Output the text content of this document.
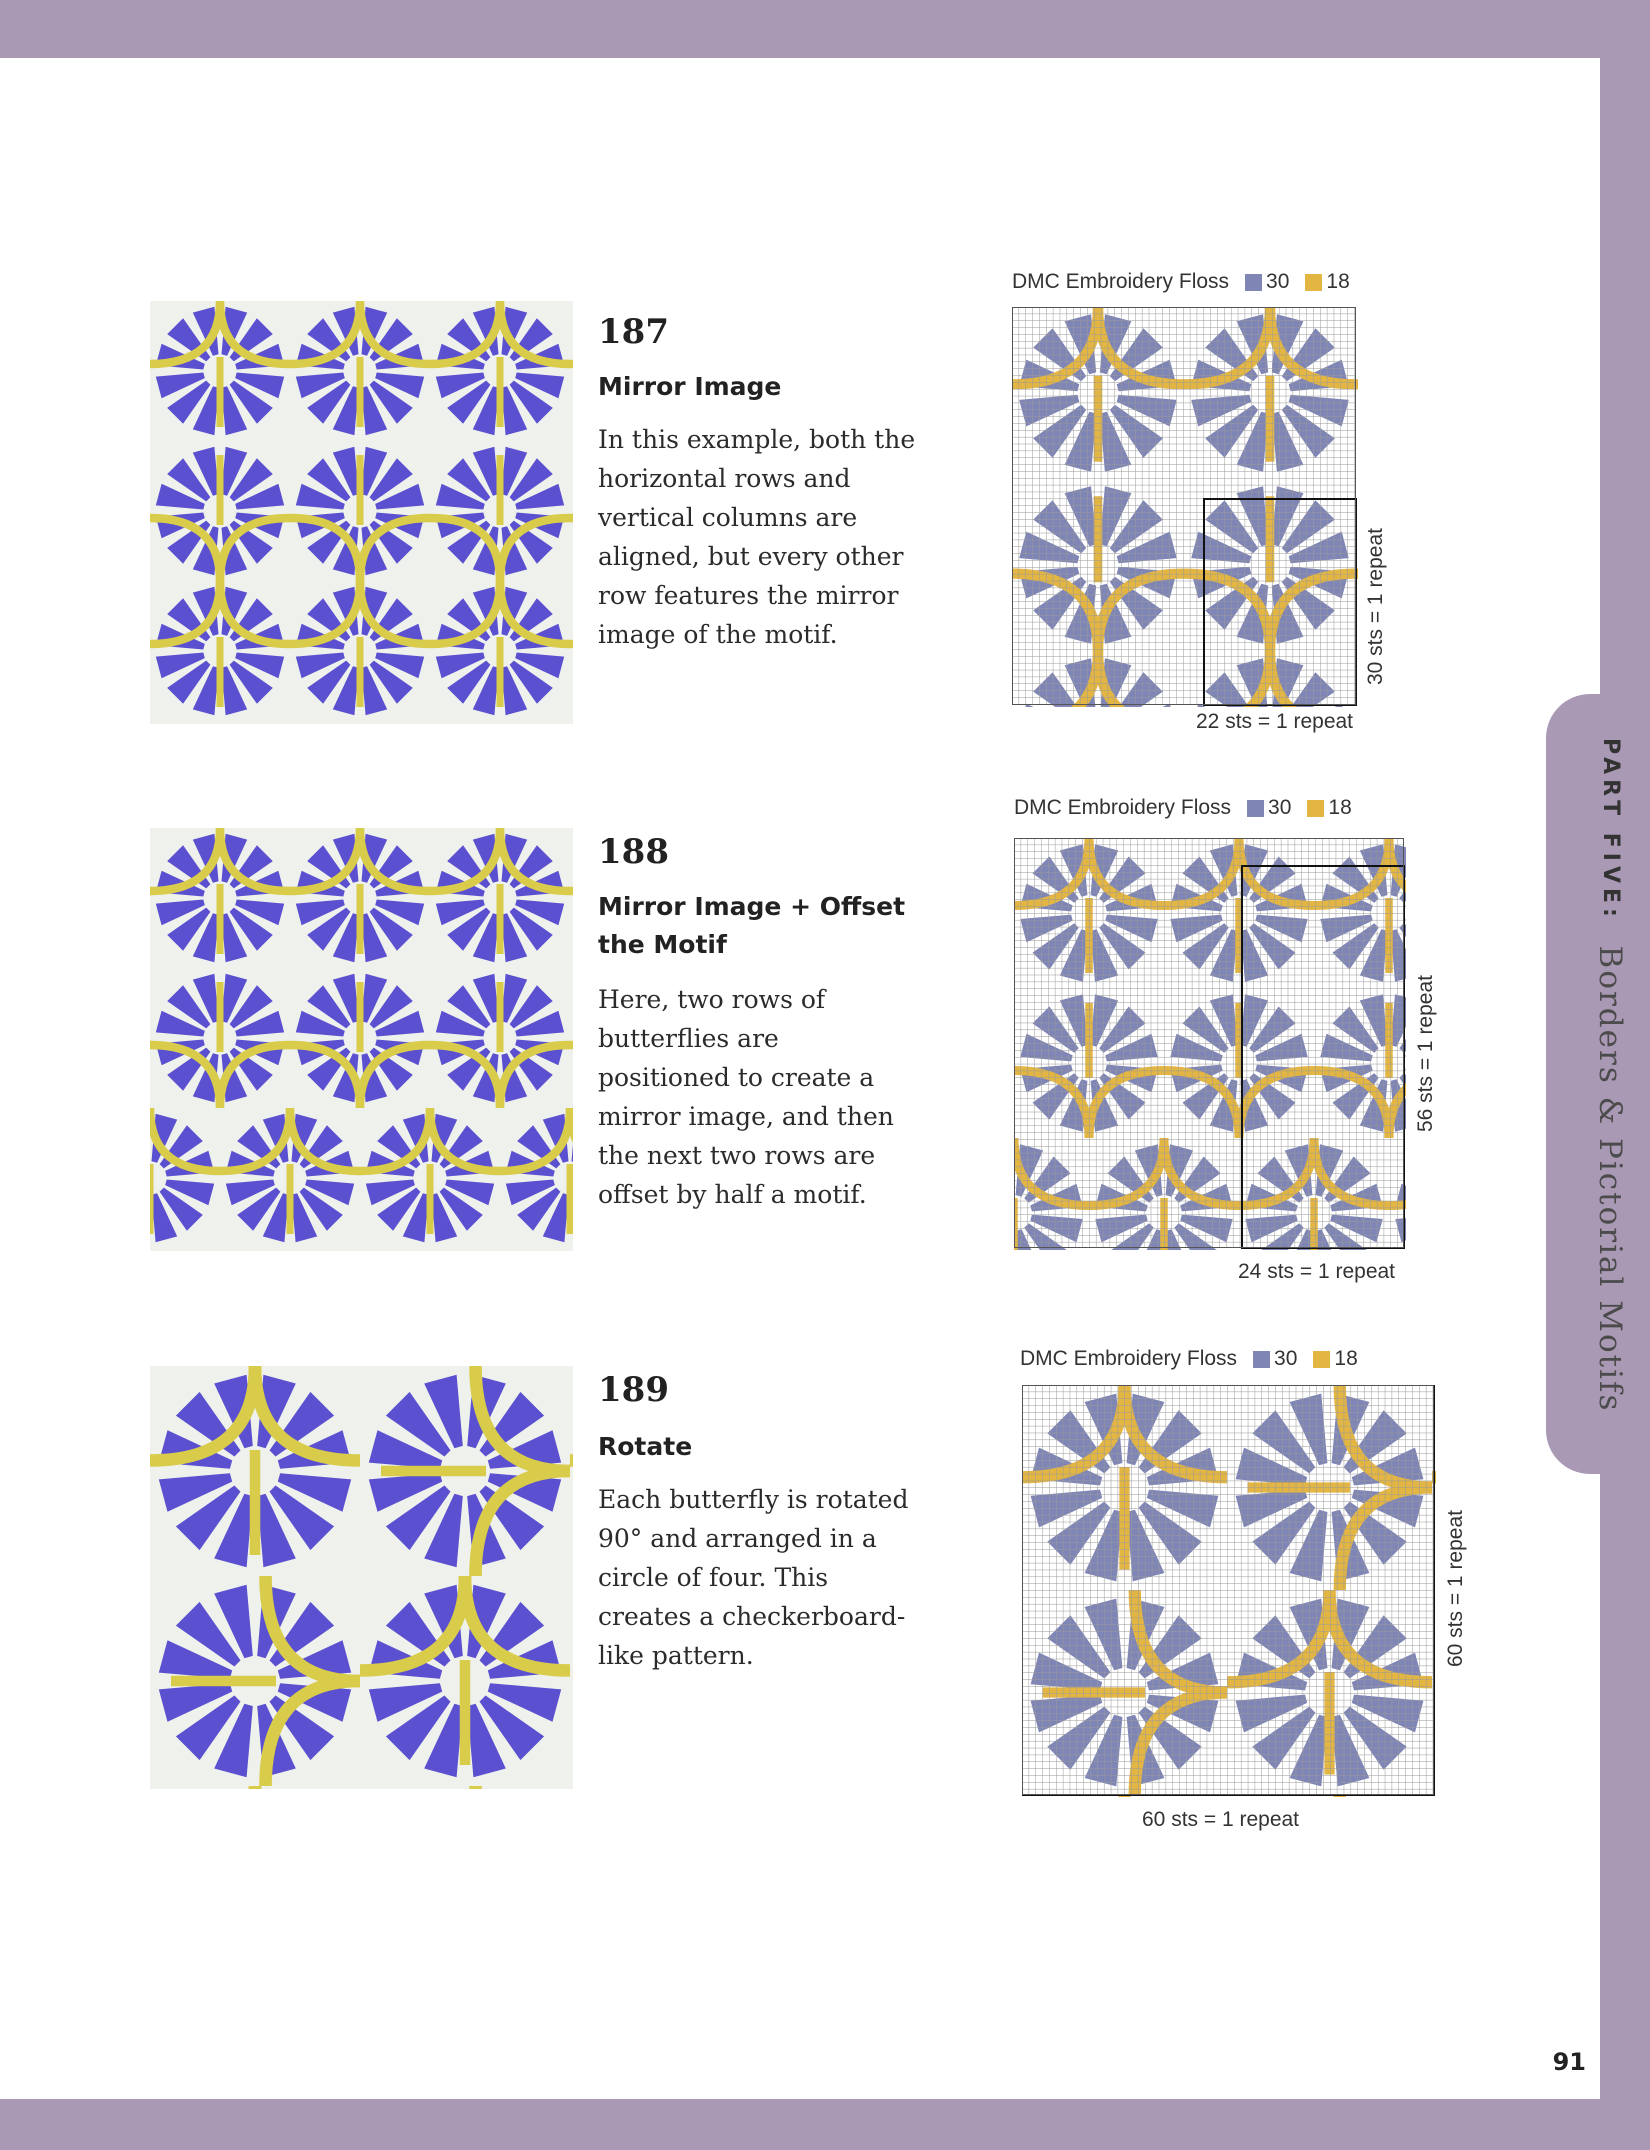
PART FIVE:  Borders & Pictorial Motifs
187
Mirror Image
In this example, both the horizontal rows and vertical columns are aligned, but every other row features the mirror image of the motif.
DMC Embroidery Floss 30 18
22 sts = 1 repeat
30 sts = 1 repeat
188
Mirror Image + Offset the Motif
Here, two rows of butterflies are positioned to create a mirror image, and then the next two rows are offset by half a motif.
DMC Embroidery Floss 30 18
24 sts = 1 repeat
56 sts = 1 repeat
189
Rotate
Each butterfly is rotated 90° and arranged in a circle of four. This creates a checkerboard-like pattern.
DMC Embroidery Floss 30 18
60 sts = 1 repeat
60 sts = 1 repeat
91
